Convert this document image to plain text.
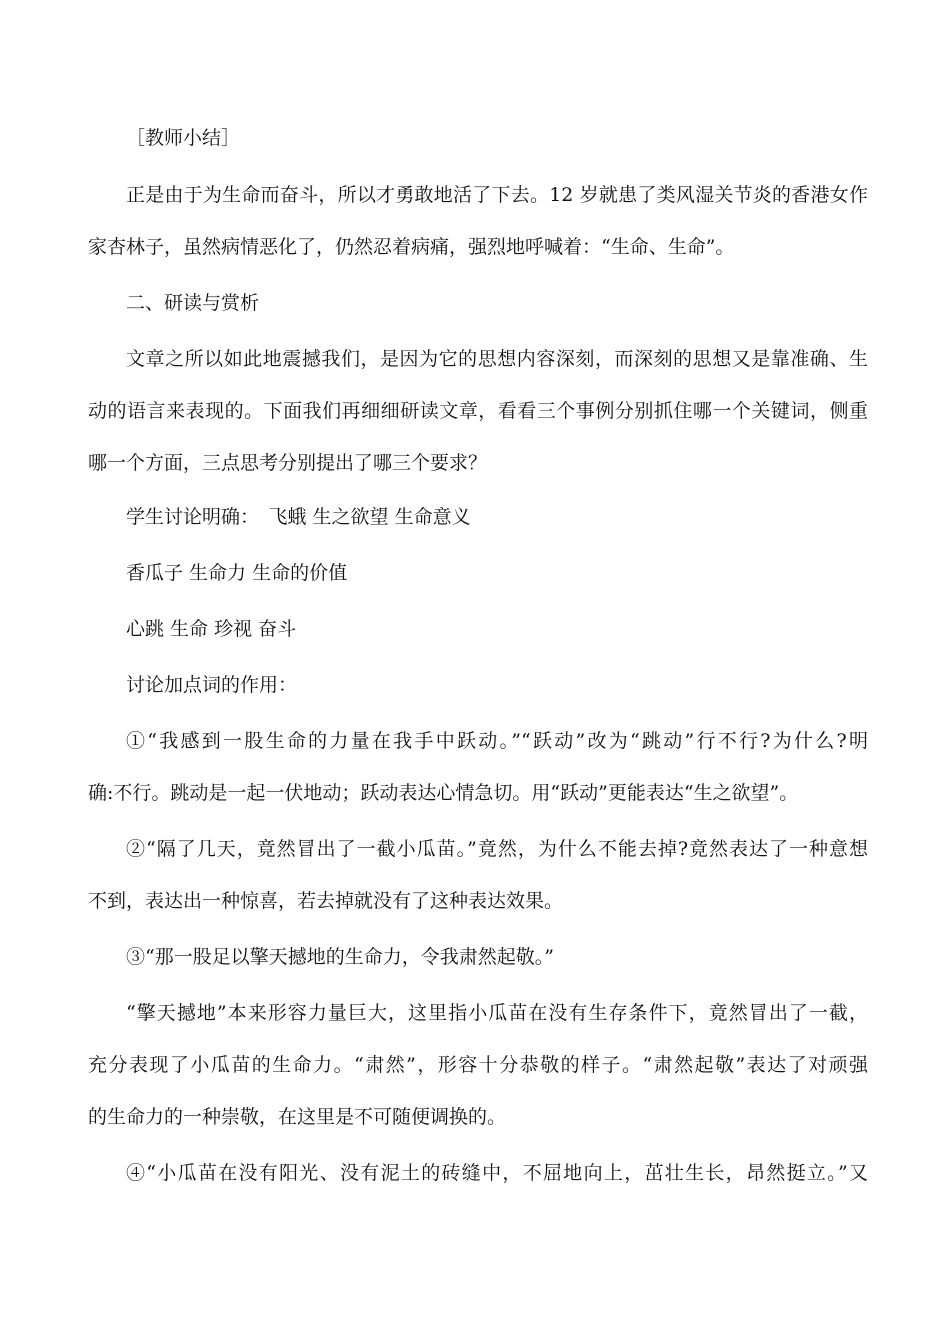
［教师小结］
正是由于为生命而奋斗，所以才勇敢地活了下去。12 岁就患了类风湿关节炎的香港女作
家杏林子，虽然病情恶化了，仍然忍着病痛，强烈地呼喊着：“生命、生命”。
二、研读与赏析
文章之所以如此地震撼我们，是因为它的思想内容深刻，而深刻的思想又是靠准确、生
动的语言来表现的。下面我们再细细研读文章，看看三个事例分别抓住哪一个关键词，侧重
哪一个方面，三点思考分别提出了哪三个要求？
学生讨论明确：　飞蛾 生之欲望 生命意义
香瓜子 生命力 生命的价值
心跳 生命 珍视 奋斗
讨论加点词的作用：
①“我感到一股生命的力量在我手中跃动。”“跃动”改为“跳动”行不行?为什么?明
确:不行。跳动是一起一伏地动；跃动表达心情急切。用“跃动”更能表达“生之欲望”。
②“隔了几天，竟然冒出了一截小瓜苗。”竟然，为什么不能去掉?竟然表达了一种意想
不到，表达出一种惊喜，若去掉就没有了这种表达效果。
③“那一股足以擎天撼地的生命力，令我肃然起敬。”
“擎天撼地”本来形容力量巨大，这里指小瓜苗在没有生存条件下，竟然冒出了一截，
充分表现了小瓜苗的生命力。“肃然”，形容十分恭敬的样子。“肃然起敬”表达了对顽强
的生命力的一种崇敬，在这里是不可随便调换的。
④“小瓜苗在没有阳光、没有泥土的砖缝中，不屈地向上，茁壮生长，昂然挺立。”又
